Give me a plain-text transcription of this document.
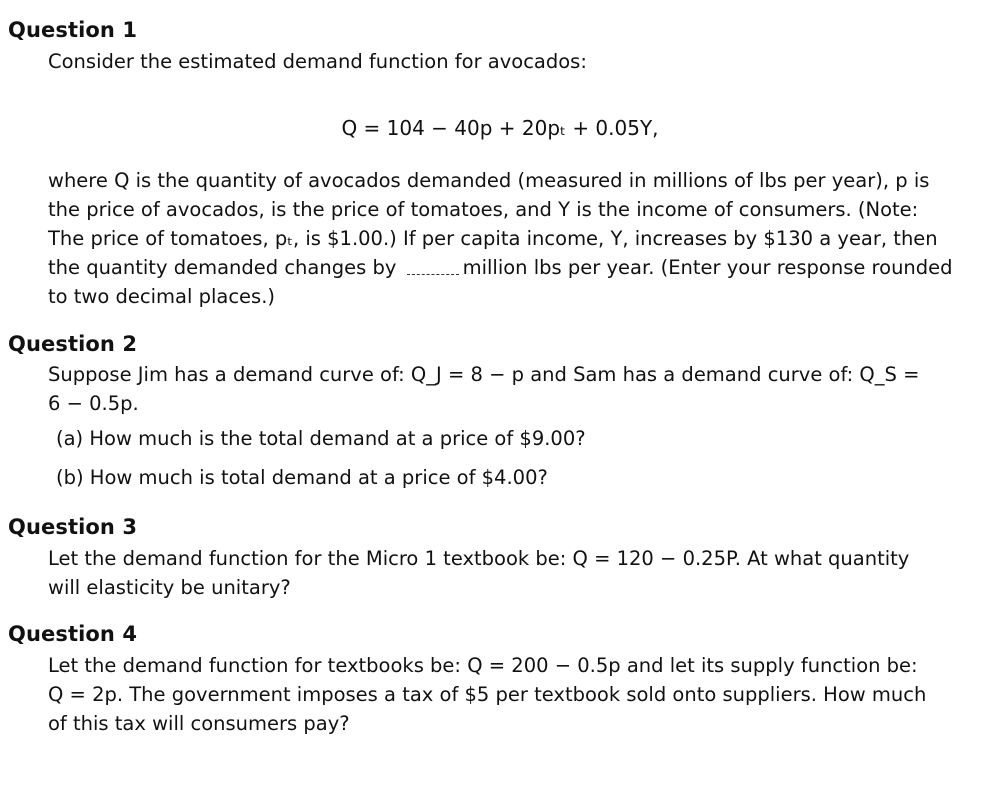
Question 1
Consider the estimated demand function for avocados:
Q = 104 − 40p + 20pₜ + 0.05Y,
where Q is the quantity of avocados demanded (measured in millions of lbs per year), p is
the price of avocados, is the price of tomatoes, and Y is the income of consumers. (Note:
The price of tomatoes, pₜ, is $1.00.) If per capita income, Y, increases by $130 a year, then
the quantity demanded changes by	million lbs per year. (Enter your response rounded
to two decimal places.)
Question 2
Suppose Jim has a demand curve of: Q_J = 8 − p and Sam has a demand curve of: Q_S =
6 − 0.5p.
(a) How much is the total demand at a price of $9.00?
(b) How much is total demand at a price of $4.00?
Question 3
Let the demand function for the Micro 1 textbook be: Q = 120 − 0.25P. At what quantity
will elasticity be unitary?
Question 4
Let the demand function for textbooks be: Q = 200 − 0.5p and let its supply function be:
Q = 2p. The government imposes a tax of $5 per textbook sold onto suppliers. How much
of this tax will consumers pay?
